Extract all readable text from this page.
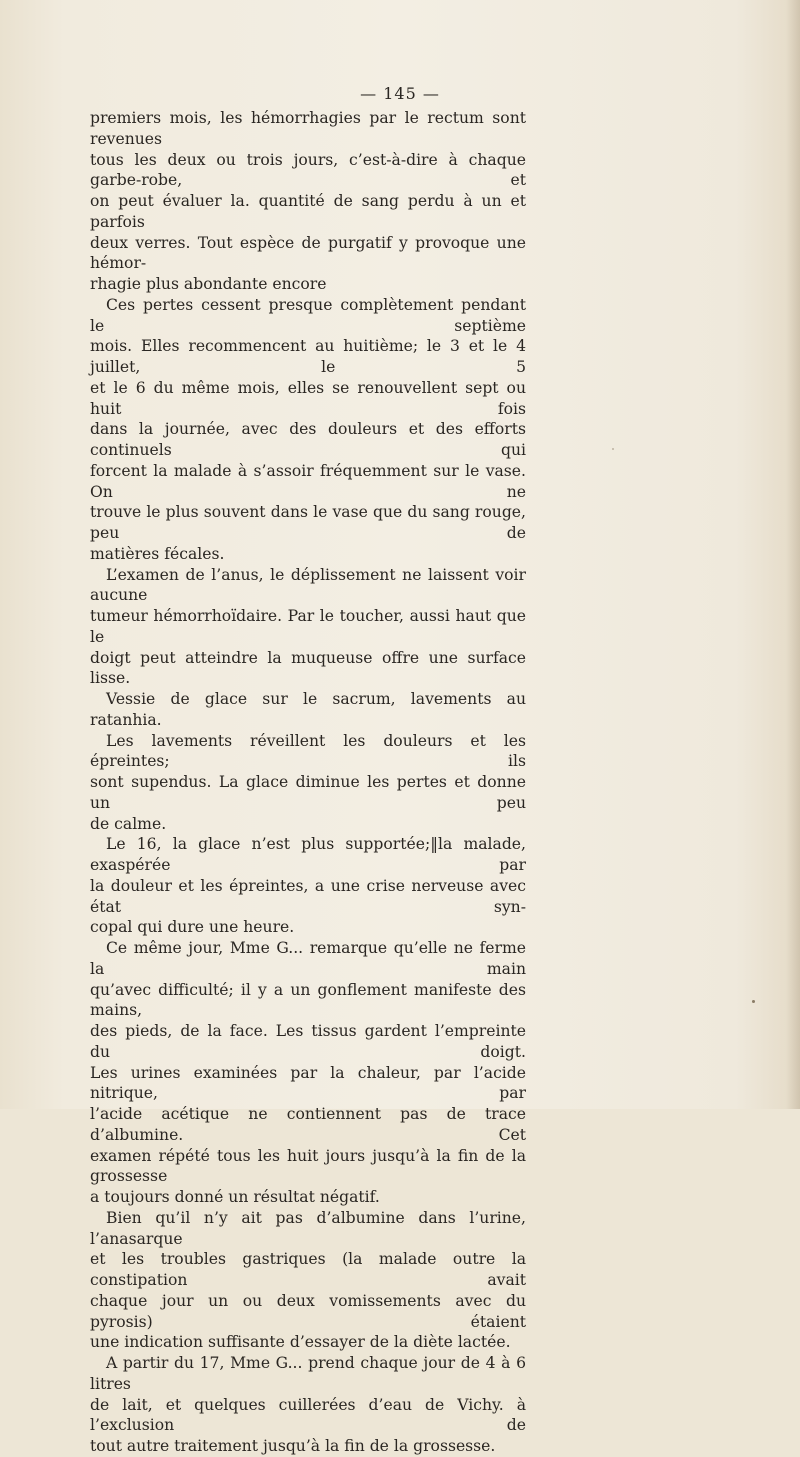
— 145 —

premiers mois, les hémorrhagies par le rectum sont revenues

tous les deux ou trois jours, c’est-à-dire à chaque garbe-robe, et

on peut évaluer la. quantité de sang perdu à un et parfois

deux verres. Tout espèce de purgatif y provoque une hémor-

rhagie plus abondante encore

Ces pertes cessent presque complètement pendant le septième

mois. Elles recommencent au huitième; le 3 et le 4 juillet, le 5

et le 6 du même mois, elles se renouvellent sept ou huit fois

dans la journée, avec des douleurs et des efforts continuels qui

forcent la malade à s’assoir fréquemment sur le vase. On ne

trouve le plus souvent dans le vase que du sang rouge, peu de

matières fécales.

L’examen de l’anus, le déplissement ne laissent voir aucune

tumeur hémorrhoïdaire. Par le toucher, aussi haut que le

doigt peut atteindre la muqueuse offre une surface lisse.

Vessie de glace sur le sacrum, lavements au ratanhia.

Les lavements réveillent les douleurs et les épreintes; ils

sont supendus. La glace diminue les pertes et donne un peu

de calme.

Le 16, la glace n’est plus supportée;‖la malade, exaspérée par

la douleur et les épreintes, a une crise nerveuse avec état syn-

copal qui dure une heure.

Ce même jour, Mme G... remarque qu’elle ne ferme la main

qu’avec difficulté; il y a un gonflement manifeste des mains,

des pieds, de la face. Les tissus gardent l’empreinte du doigt.

Les urines examinées par la chaleur, par l’acide nitrique, par

l’acide acétique ne contiennent pas de trace d’albumine. Cet

examen répété tous les huit jours jusqu’à la fin de la grossesse

a toujours donné un résultat négatif.

Bien qu’il n’y ait pas d’albumine dans l’urine, l’anasarque

et les troubles gastriques (la malade outre la constipation avait

chaque jour un ou deux vomissements avec du pyrosis) étaient

une indication suffisante d’essayer de la diète lactée.

A partir du 17, Mme G... prend chaque jour de 4 à 6 litres

de lait, et quelques cuillerées d’eau de Vichy. à l’exclusion de

tout autre traitement jusqu’à la fin de la grossesse.
